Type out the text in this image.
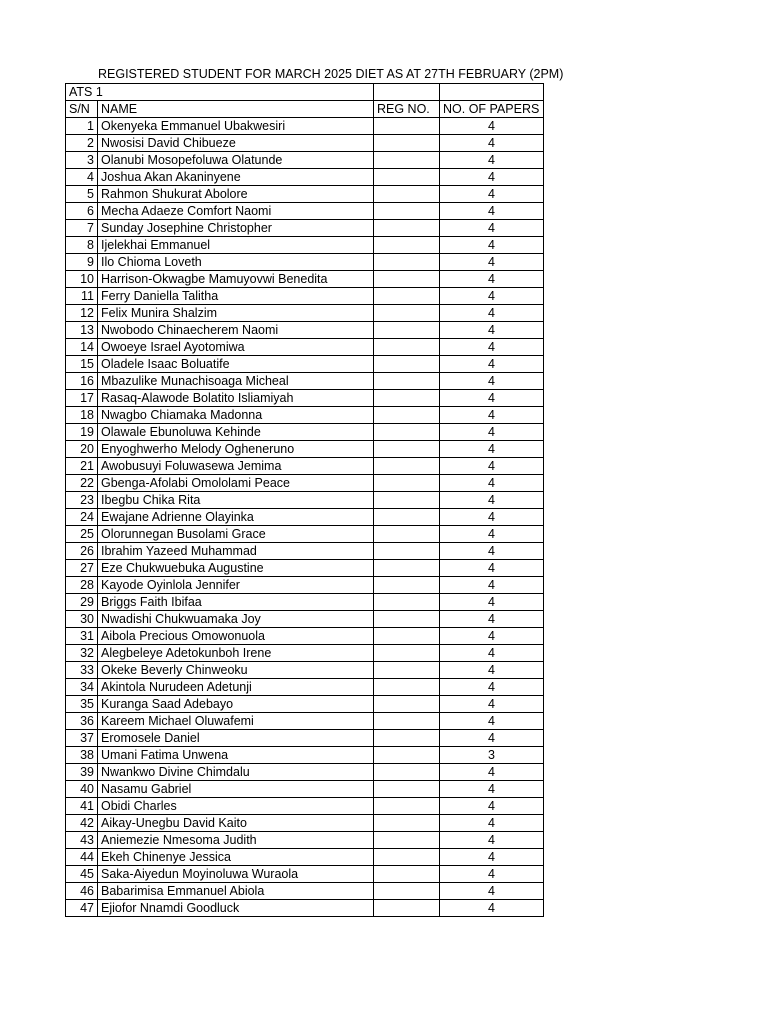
REGISTERED STUDENT FOR MARCH 2025 DIET AS AT 27TH FEBRUARY (2PM)
ATS 1			
S/N	NAME	REG NO.	NO. OF PAPERS
1	Okenyeka Emmanuel Ubakwesiri		4
2	Nwosisi David Chibueze		4
3	Olanubi Mosopefoluwa Olatunde		4
4	Joshua Akan Akaninyene		4
5	Rahmon Shukurat Abolore		4
6	Mecha Adaeze Comfort Naomi		4
7	Sunday Josephine Christopher		4
8	Ijelekhai Emmanuel		4
9	Ilo Chioma Loveth		4
10	Harrison-Okwagbe Mamuyovwi Benedita		4
11	Ferry Daniella Talitha		4
12	Felix Munira Shalzim		4
13	Nwobodo Chinaecherem Naomi		4
14	Owoeye Israel Ayotomiwa		4
15	Oladele Isaac Boluatife		4
16	Mbazulike Munachisoaga Micheal		4
17	Rasaq-Alawode Bolatito Isliamiyah		4
18	Nwagbo Chiamaka Madonna		4
19	Olawale Ebunoluwa Kehinde		4
20	Enyoghwerho Melody Ogheneruno		4
21	Awobusuyi Foluwasewa Jemima		4
22	Gbenga-Afolabi Omololami Peace		4
23	Ibegbu Chika Rita		4
24	Ewajane Adrienne Olayinka		4
25	Olorunnegan Busolami Grace		4
26	Ibrahim Yazeed Muhammad		4
27	Eze Chukwuebuka Augustine		4
28	Kayode Oyinlola Jennifer		4
29	Briggs Faith Ibifaa		4
30	Nwadishi Chukwuamaka Joy		4
31	Aibola Precious Omowonuola		4
32	Alegbeleye Adetokunboh Irene		4
33	Okeke Beverly Chinweoku		4
34	Akintola Nurudeen Adetunji		4
35	Kuranga Saad Adebayo		4
36	Kareem Michael Oluwafemi		4
37	Eromosele Daniel		4
38	Umani Fatima Unwena		3
39	Nwankwo Divine Chimdalu		4
40	Nasamu Gabriel		4
41	Obidi Charles		4
42	Aikay-Unegbu David Kaito		4
43	Aniemezie Nmesoma Judith		4
44	Ekeh Chinenye Jessica		4
45	Saka-Aiyedun Moyinoluwa Wuraola		4
46	Babarimisa Emmanuel Abiola		4
47	Ejiofor Nnamdi Goodluck		4
